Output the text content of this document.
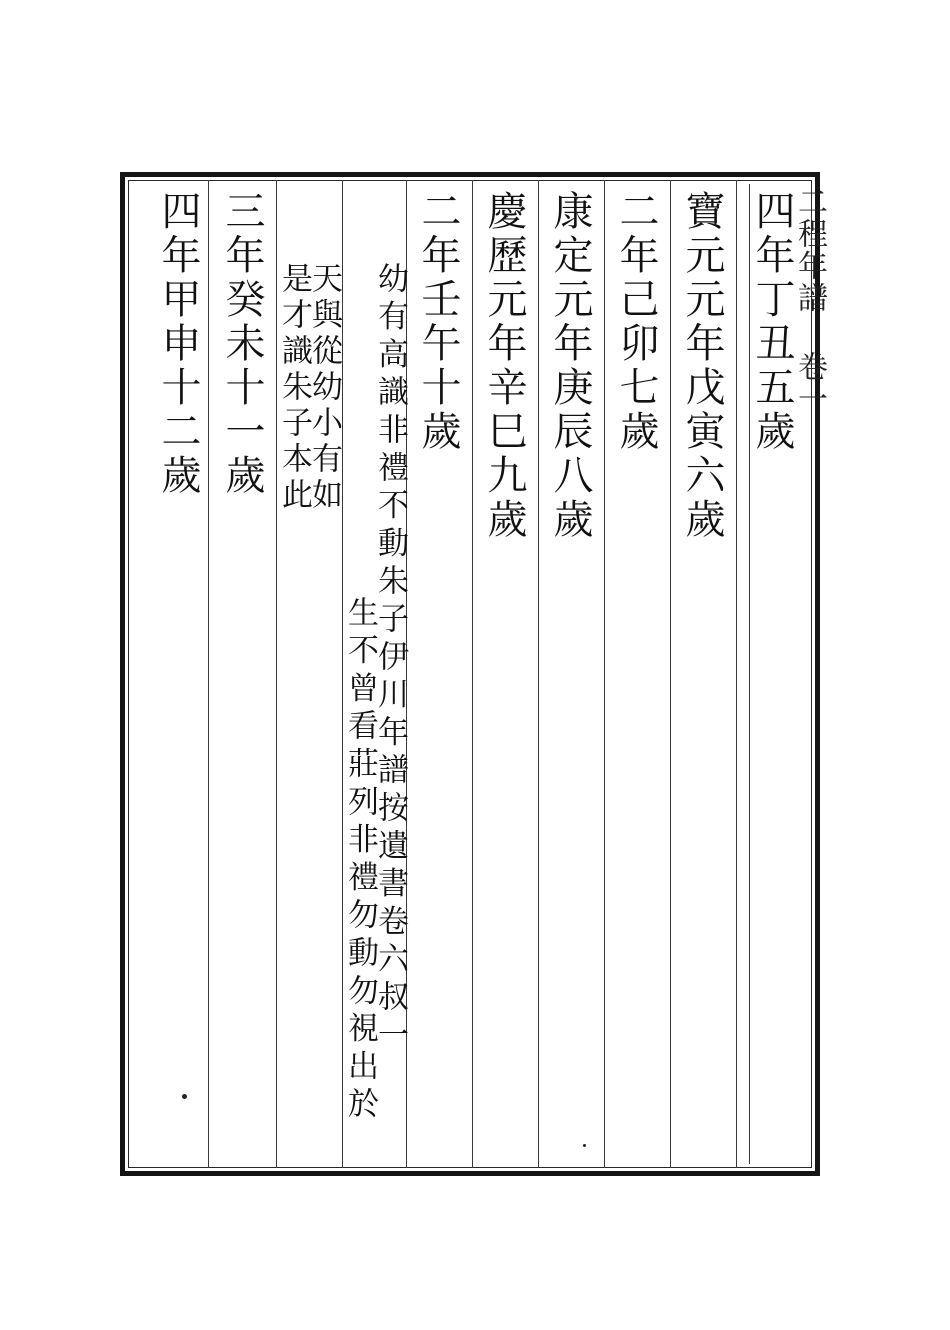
二程年譜 卷一
四年丁丑五歲
寶元元年戊寅六歲
二年己卯七歲
康定元年庚辰八歲
慶歷元年辛巳九歲
二年壬午十歲
三年癸未十一歲
四年甲申十二歲	幼有高識非禮不動朱子伊川年譜按遺書卷六叔一
生不曾看莊列非禮勿動勿視出於
天與從幼小有如
是才識朱子本此
